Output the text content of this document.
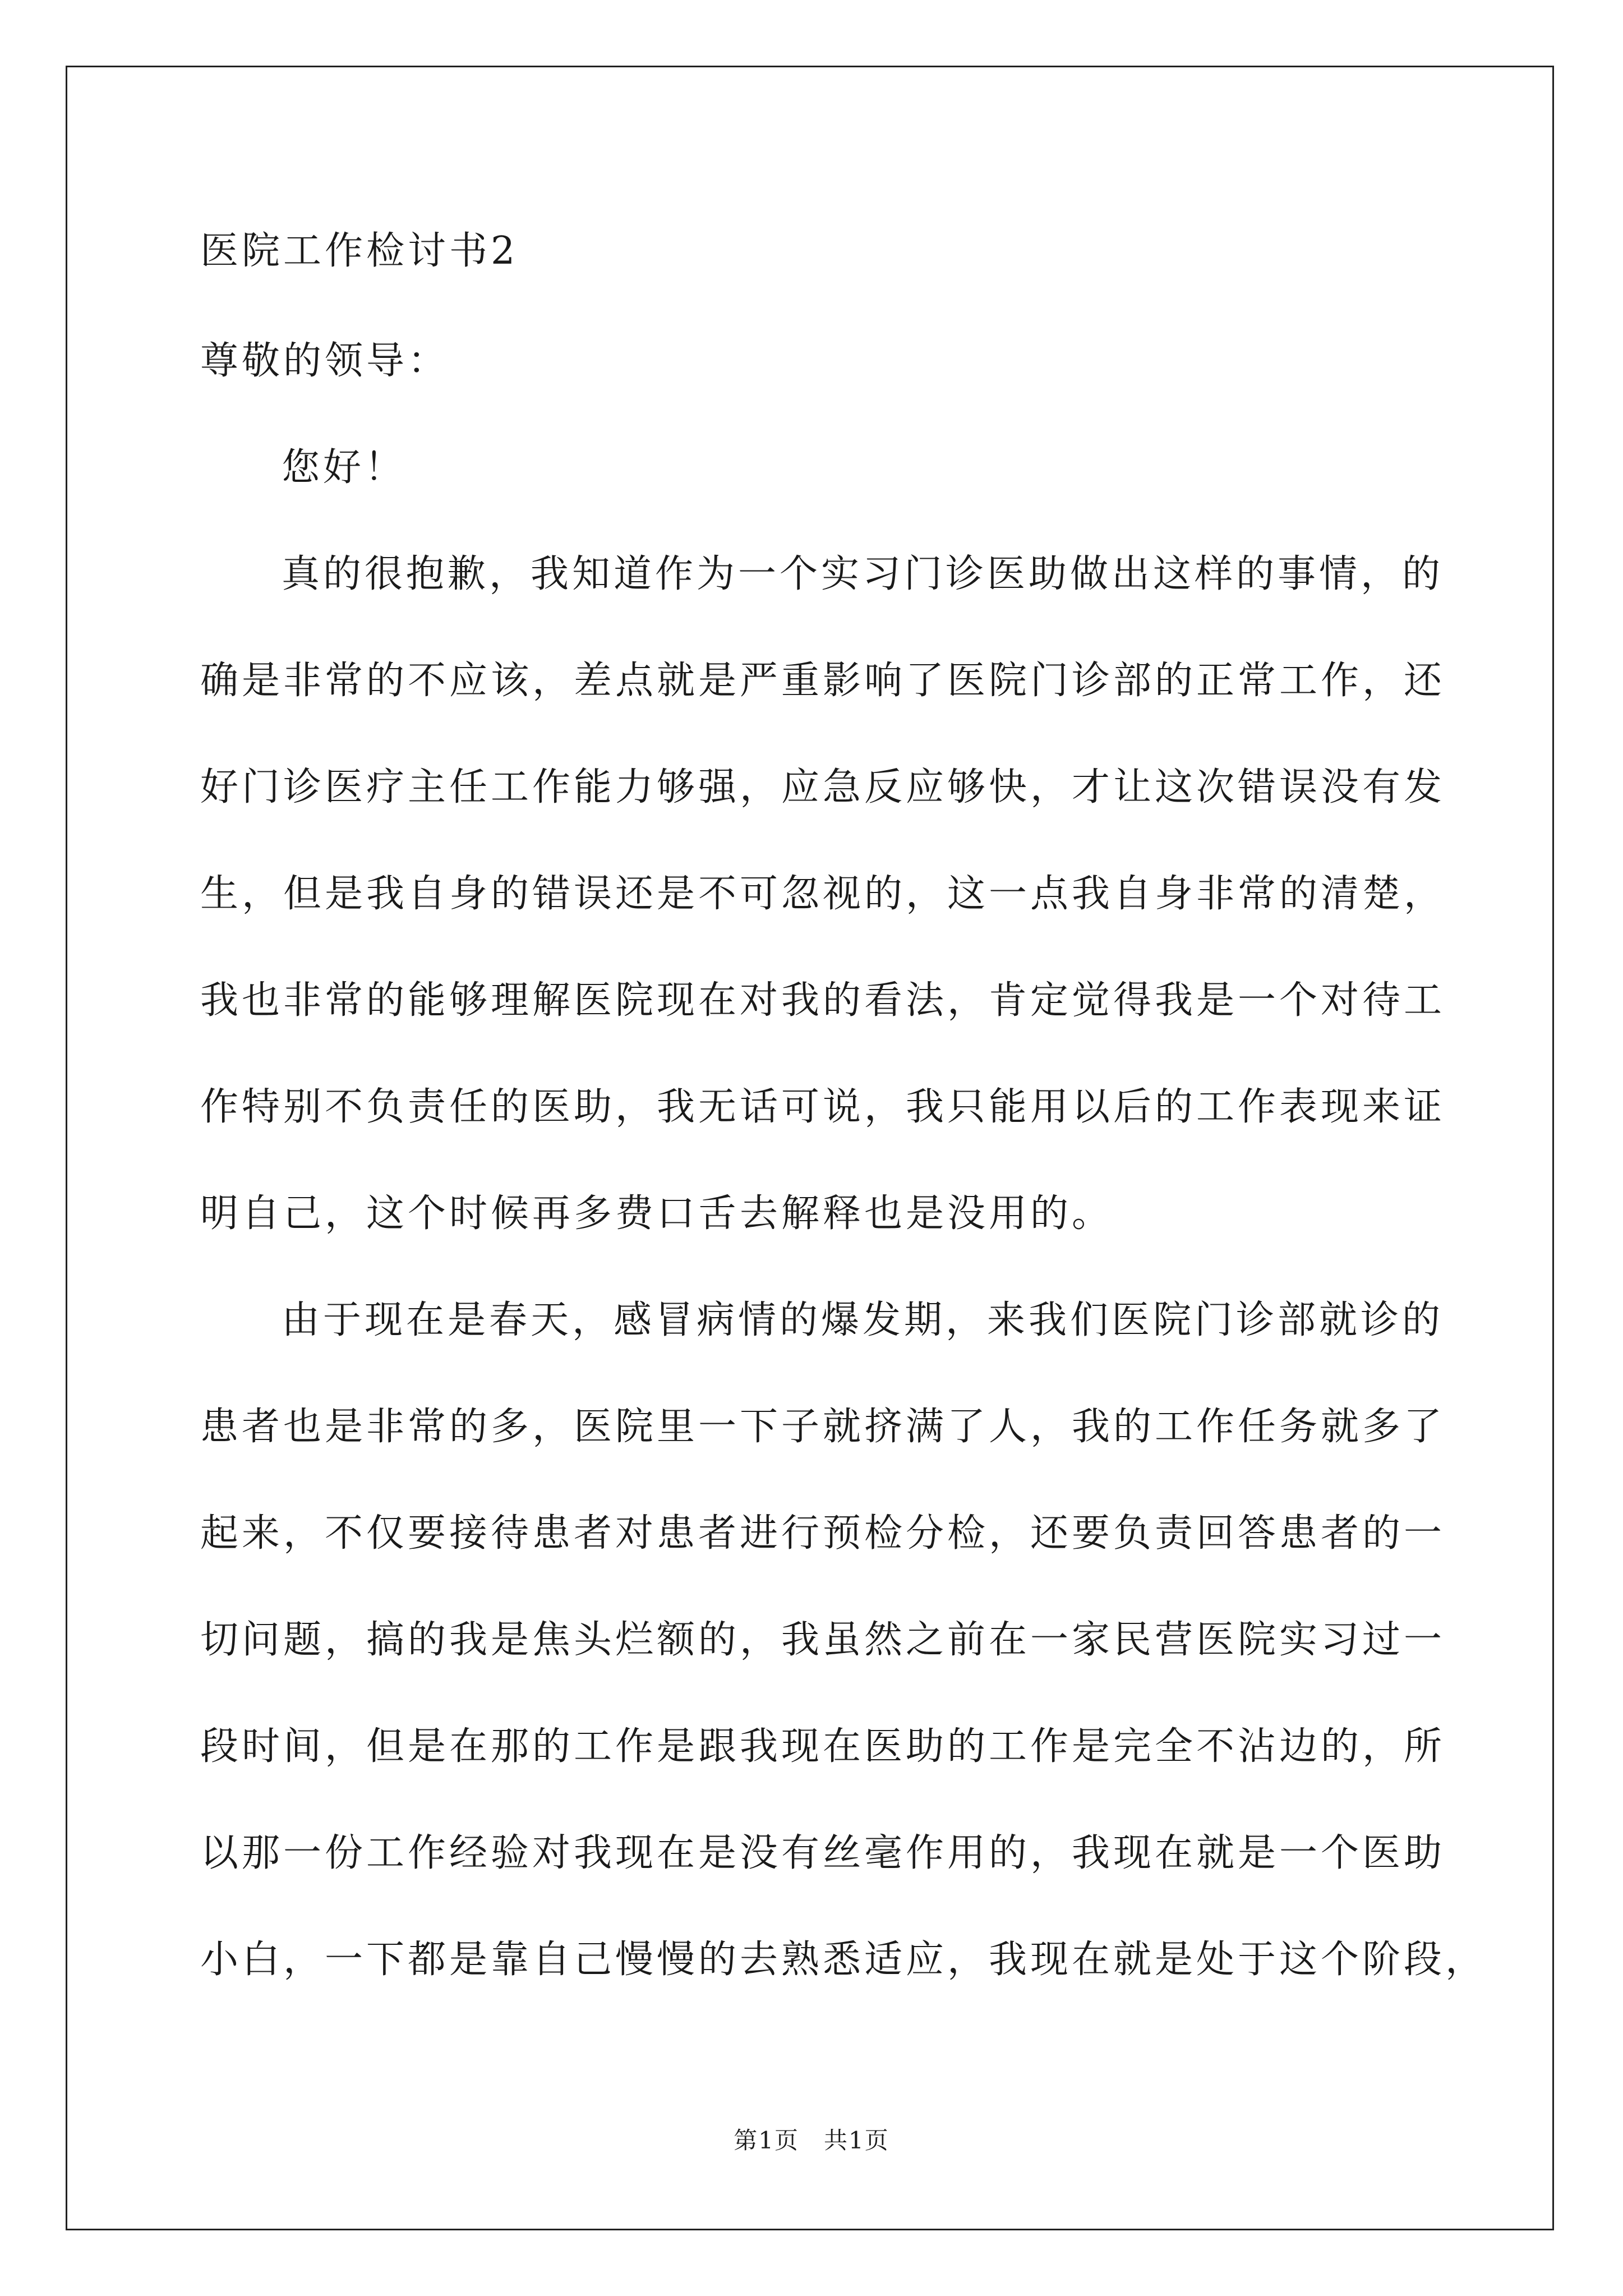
医院工作检讨书2
尊敬的领导：
您好！
真的很抱歉，我知道作为一个实习门诊医助做出这样的事情，的
确是非常的不应该，差点就是严重影响了医院门诊部的正常工作，还
好门诊医疗主任工作能力够强，应急反应够快，才让这次错误没有发
生，但是我自身的错误还是不可忽视的，这一点我自身非常的清楚，
我也非常的能够理解医院现在对我的看法，肯定觉得我是一个对待工
作特别不负责任的医助，我无话可说，我只能用以后的工作表现来证
明自己，这个时候再多费口舌去解释也是没用的。
由于现在是春天，感冒病情的爆发期，来我们医院门诊部就诊的
患者也是非常的多，医院里一下子就挤满了人，我的工作任务就多了
起来，不仅要接待患者对患者进行预检分检，还要负责回答患者的一
切问题，搞的我是焦头烂额的，我虽然之前在一家民营医院实习过一
段时间，但是在那的工作是跟我现在医助的工作是完全不沾边的，所
以那一份工作经验对我现在是没有丝毫作用的，我现在就是一个医助
小白，一下都是靠自己慢慢的去熟悉适应，我现在就是处于这个阶段，
第1页　共1页
